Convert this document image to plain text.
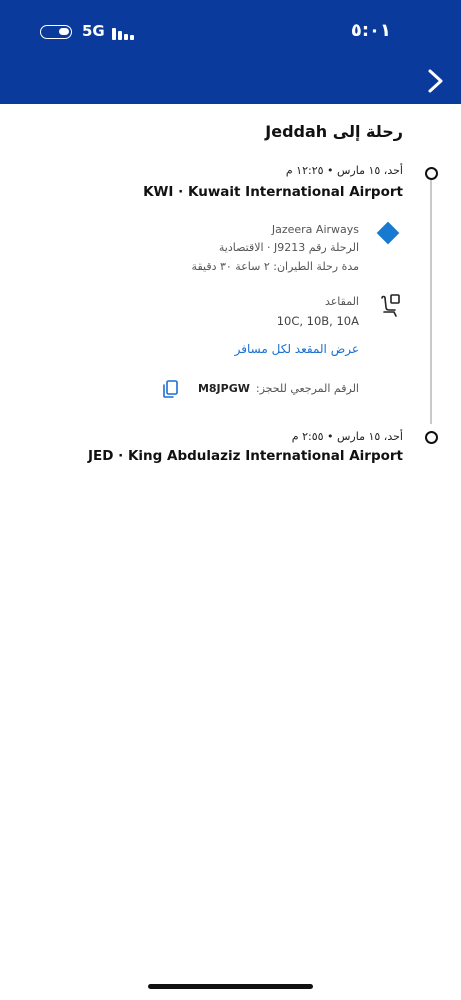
5G	٥:٠١
رحلة إلى Jeddah
أحد، ١٥ مارس • ١٢:٢٥ م
KWI · Kuwait International Airport
Jazeera Airways
الرحلة رقم J9213 · الاقتصادية
مدة رحلة الطيران: ٢ ساعة ٣٠ دقيقة
المقاعد
10C, 10B, 10A
عرض المقعد لكل مسافر
الرقم المرجعي للحجز:M8JPGW
أحد، ١٥ مارس • ٢:٥٥ م
JED · King Abdulaziz International Airport
